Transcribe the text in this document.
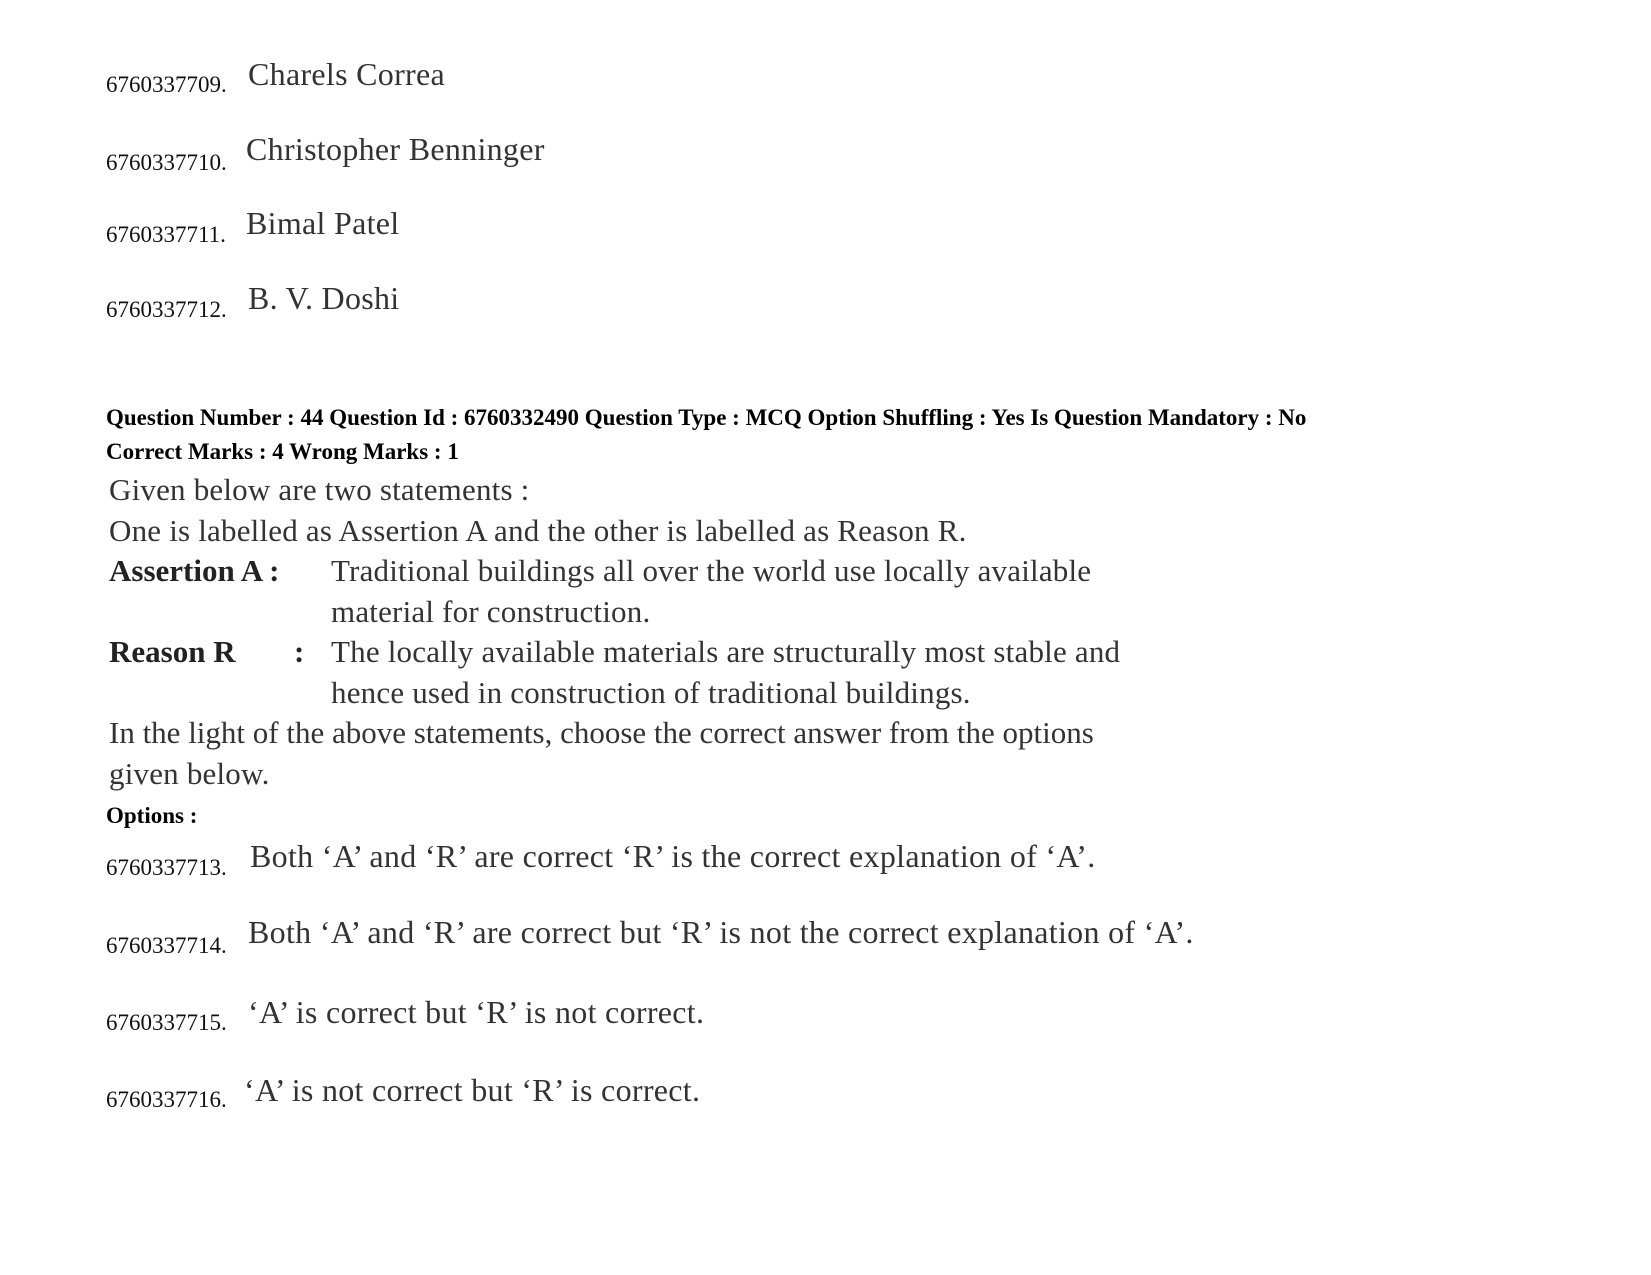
6760337709. Charels Correa
6760337710. Christopher Benninger
6760337711. Bimal Patel
6760337712. B. V. Doshi
Question Number : 44 Question Id : 6760332490 Question Type : MCQ Option Shuffling : Yes Is Question Mandatory : No
Correct Marks : 4 Wrong Marks : 1
Given below are two statements :
One is labelled as Assertion A and the other is labelled as Reason R.
Assertion A : Traditional buildings all over the world use locally available
material for construction.
Reason R : The locally available materials are structurally most stable and
hence used in construction of traditional buildings.
In the light of the above statements, choose the correct answer from the options
given below.
Options :
6760337713. Both ‘A’ and ‘R’ are correct ‘R’ is the correct explanation of ‘A’.
6760337714. Both ‘A’ and ‘R’ are correct but ‘R’ is not the correct explanation of ‘A’.
6760337715. ‘A’ is correct but ‘R’ is not correct.
6760337716. ‘A’ is not correct but ‘R’ is correct.
